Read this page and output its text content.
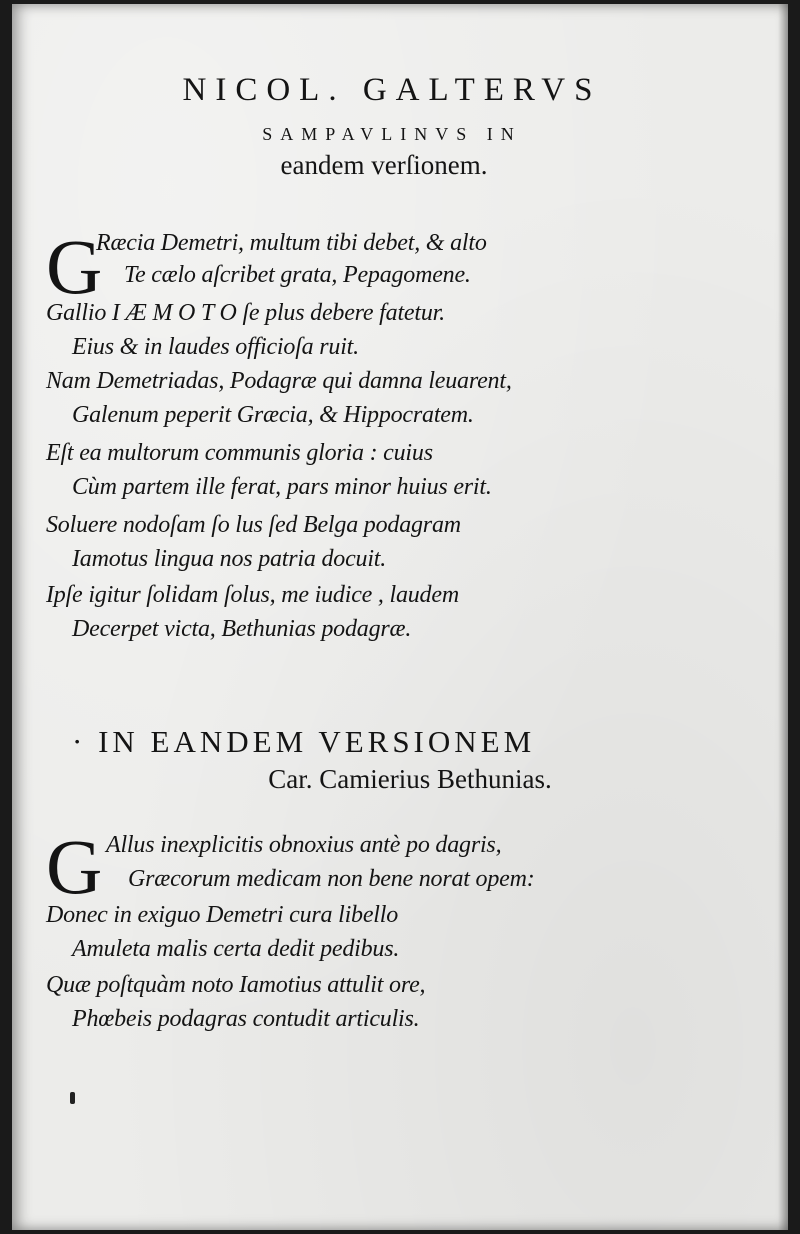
NICOL. GALTERVS
SAMPAVLINVS IN
eandem verſionem.
G
Ræcia Demetri, multum tibi debet, & alto
Te cælo aſcribet grata, Pepagomene.
Gallio I Æ M O T O ſe plus debere fatetur.
Eius & in laudes officioſa ruit.
Nam Demetriadas, Podagræ qui damna leuarent,
Galenum peperit Græcia, & Hippocratem.
Eſt ea multorum communis gloria : cuius
Cùm partem ille ferat, pars minor huius erit.
Soluere nodoſam ſo lus ſed Belga podagram
Iamotus lingua nos patria docuit.
Ipſe igitur ſolidam ſolus, me iudice , laudem
Decerpet victa, Bethunias podagræ.
· IN EANDEM VERSIONEM
Car. Camierius Bethunias.
G Allus inexplicitis obnoxius antè po dagris,
Græcorum medicam non bene norat opem:
Donec in exiguo Demetri cura libello
Amuleta malis certa dedit pedibus.
Quæ poſtquàm noto Iamotius attulit ore,
Phœbeis podagras contudit articulis.
